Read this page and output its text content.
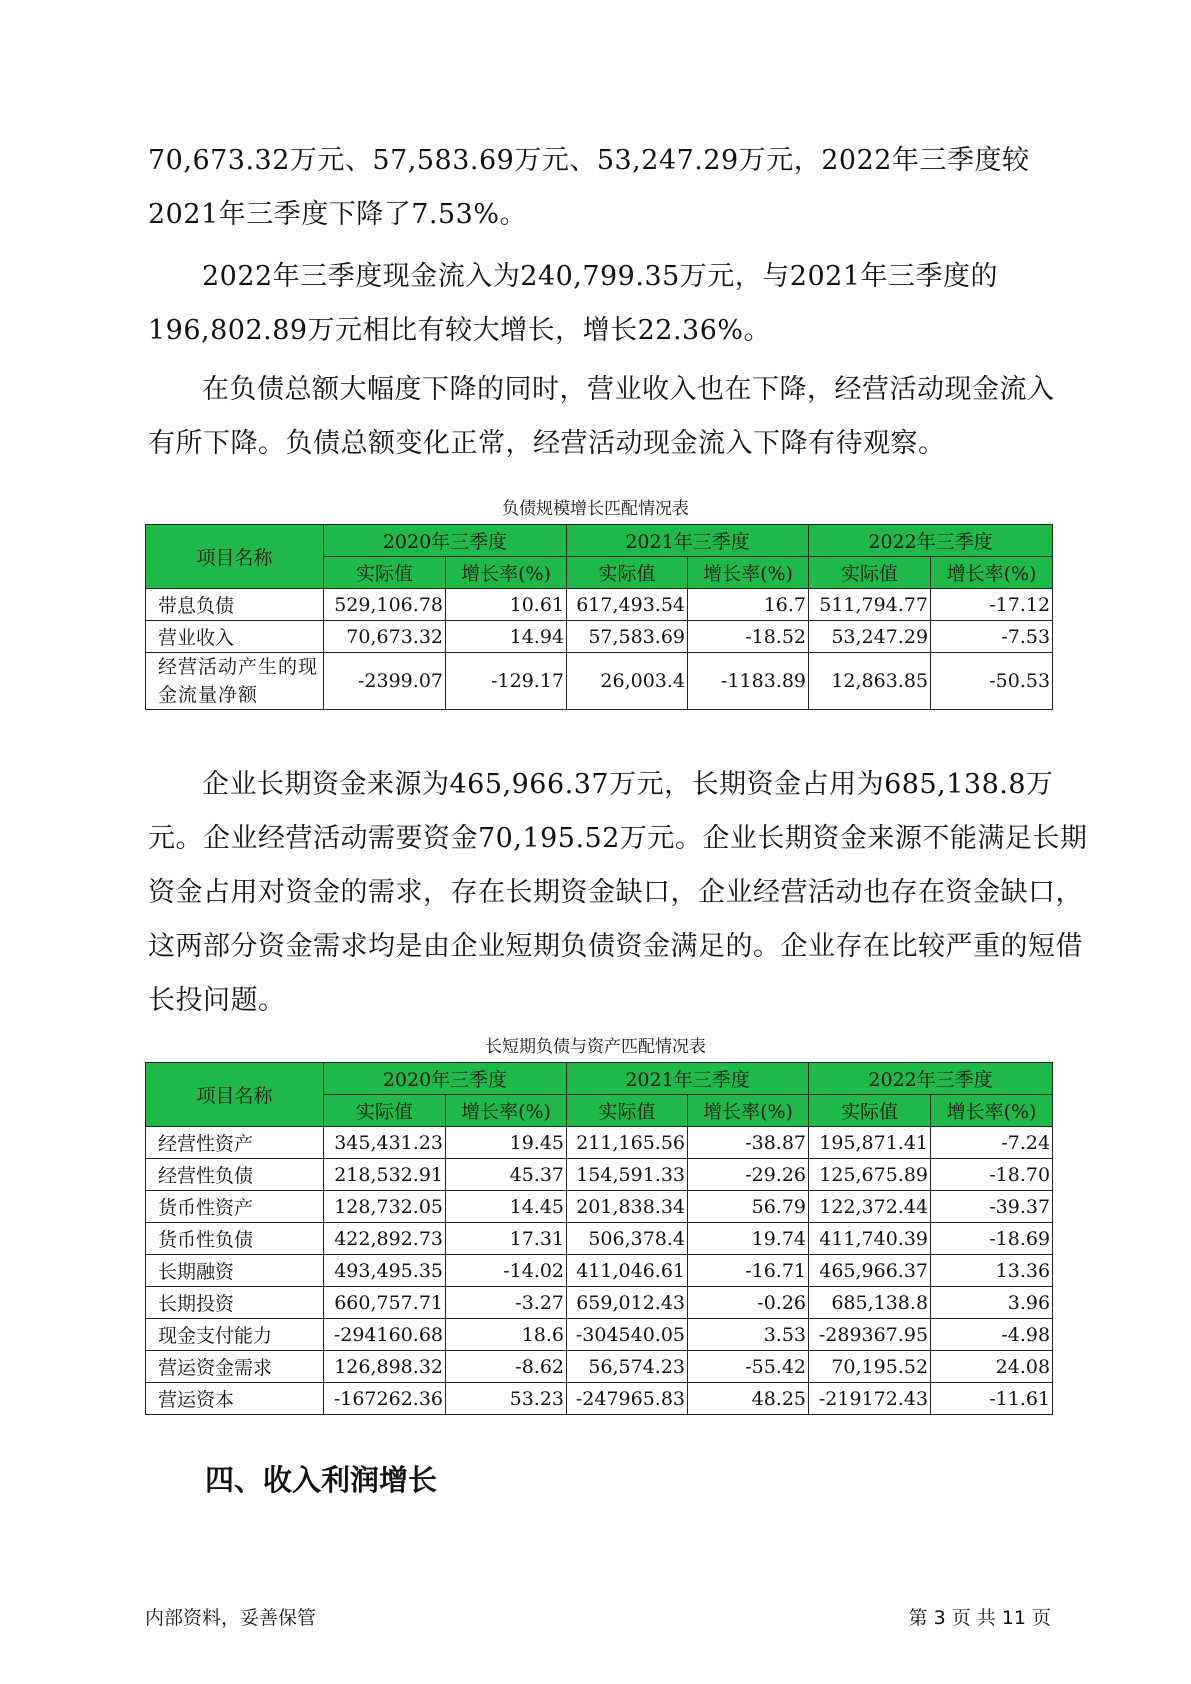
70,673.32万元、57,583.69万元、53,247.29万元，2022年三季度较2021年三季度下降了7.53%。

2022年三季度现金流入为240,799.35万元，与2021年三季度的196,802.89万元相比有较大增长，增长22.36%。

在负债总额大幅度下降的同时，营业收入也在下降，经营活动现金流入有所下降。负债总额变化正常，经营活动现金流入下降有待观察。

负债规模增长匹配情况表

项目名称	2020年三季度		2021年三季度		2022年三季度	
	实际值	增长率(%)	实际值	增长率(%)	实际值	增长率(%)
带息负债	529,106.78	10.61	617,493.54	16.7	511,794.77	-17.12
营业收入	70,673.32	14.94	57,583.69	-18.52	53,247.29	-7.53
经营活动产生的现金流量净额	-2399.07	-129.17	26,003.4	-1183.89	12,863.85	-50.53

企业长期资金来源为465,966.37万元，长期资金占用为685,138.8万元。企业经营活动需要资金70,195.52万元。企业长期资金来源不能满足长期资金占用对资金的需求，存在长期资金缺口，企业经营活动也存在资金缺口，这两部分资金需求均是由企业短期负债资金满足的。企业存在比较严重的短借长投问题。

长短期负债与资产匹配情况表

项目名称	2020年三季度		2021年三季度		2022年三季度	
	实际值	增长率(%)	实际值	增长率(%)	实际值	增长率(%)
经营性资产	345,431.23	19.45	211,165.56	-38.87	195,871.41	-7.24
经营性负债	218,532.91	45.37	154,591.33	-29.26	125,675.89	-18.70
货币性资产	128,732.05	14.45	201,838.34	56.79	122,372.44	-39.37
货币性负债	422,892.73	17.31	506,378.4	19.74	411,740.39	-18.69
长期融资	493,495.35	-14.02	411,046.61	-16.71	465,966.37	13.36
长期投资	660,757.71	-3.27	659,012.43	-0.26	685,138.8	3.96
现金支付能力	-294160.68	18.6	-304540.05	3.53	-289367.95	-4.98
营运资金需求	126,898.32	-8.62	56,574.23	-55.42	70,195.52	24.08
营运资本	-167262.36	53.23	-247965.83	48.25	-219172.43	-11.61
四、收入利润增长

内部资料，妥善保管	第 3 页 共 11 页
